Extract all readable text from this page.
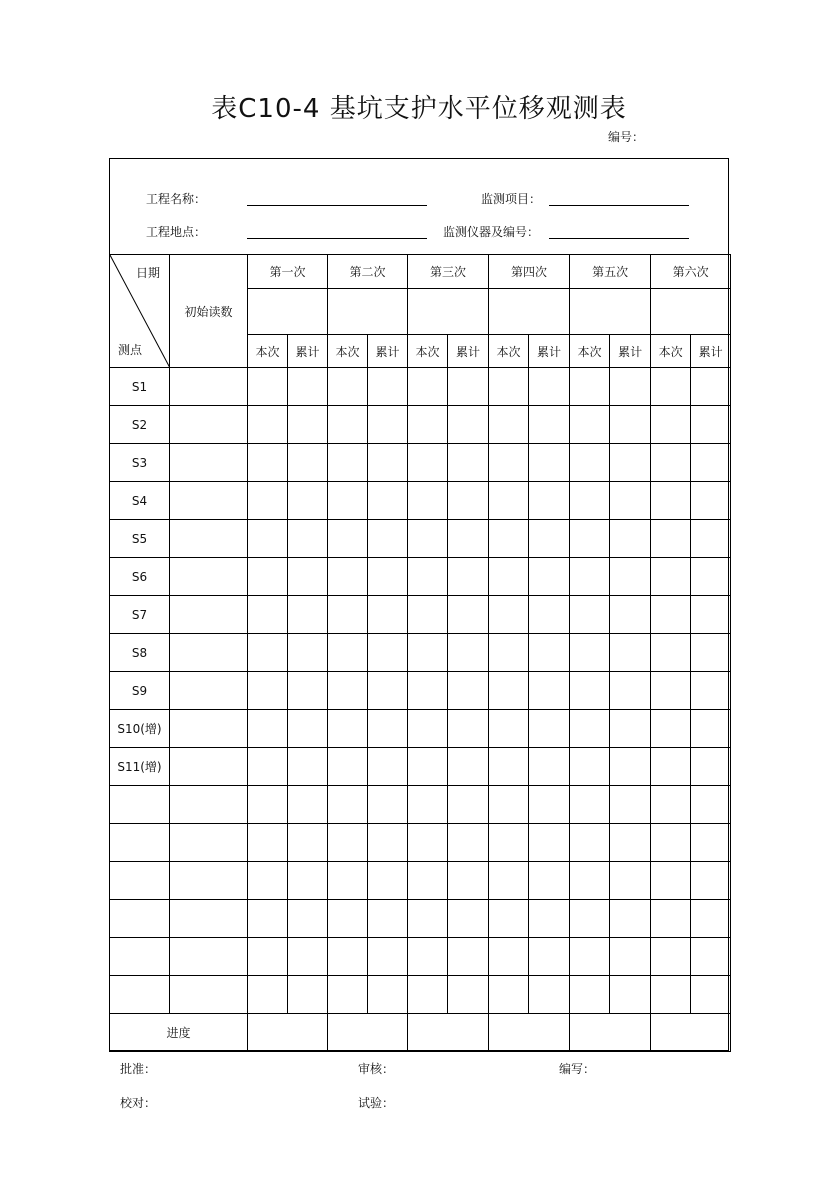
表C10-4 基坑支护水平位移观测表
编号：
工程名称：	监测项目：
工程地点：	监测仪器及编号：
日期
测点	初始读数	第一次		第二次		第三次		第四次		第五次		第六次	

		本次	累计	本次	累计	本次	累计	本次	累计	本次	累计	本次	累计
S1													
S2													
S3													
S4													
S5													
S6													
S7													
S8													
S9													
S10(增)													
S11(增)													

进度													
批准：	审核：	编写：
校对：	试验：
